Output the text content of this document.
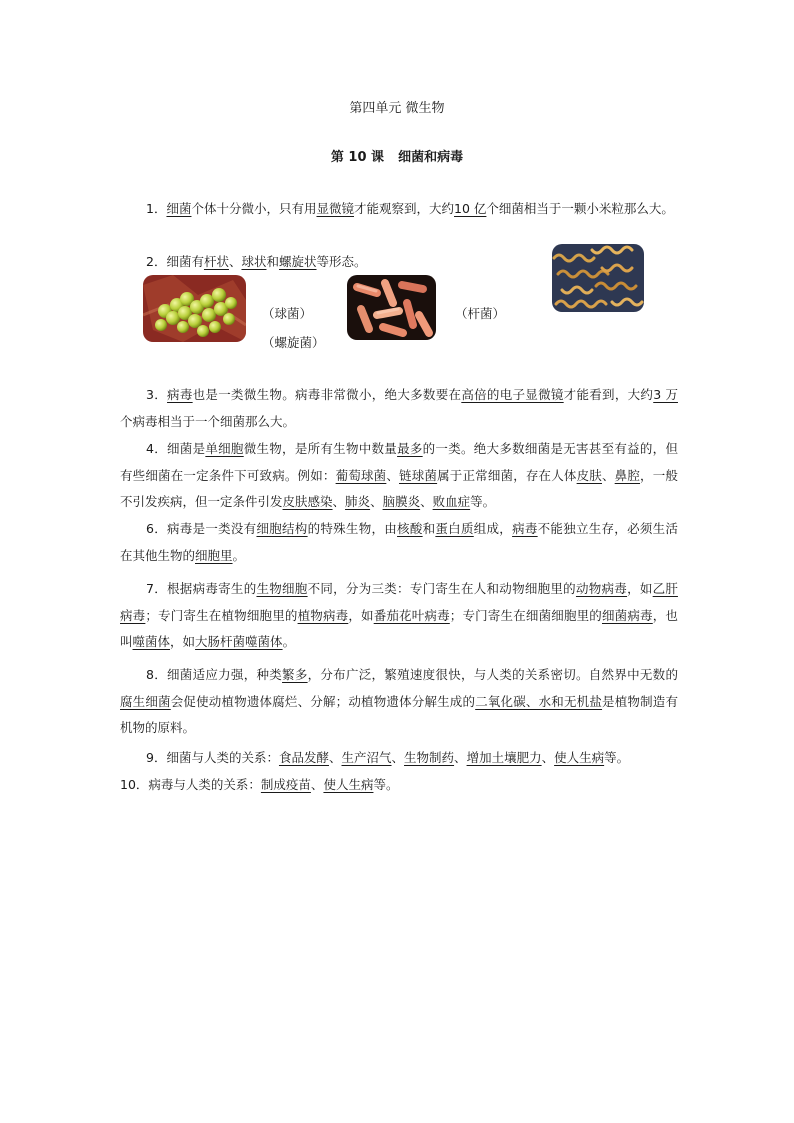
第四单元 微生物
第 10 课 细菌和病毒
1．细菌个体十分微小，只有用显微镜才能观察到，大约10 亿个细菌相当于一颗小米粒那么大。
2．细菌有杆状、球状和螺旋状等形态。
（球菌）
（螺旋菌）
（杆菌）
3．病毒也是一类微生物。病毒非常微小，绝大多数要在高倍的电子显微镜才能看到，大约3 万个病毒相当于一个细菌那么大。
4．细菌是单细胞微生物，是所有生物中数量最多的一类。绝大多数细菌是无害甚至有益的，但有些细菌在一定条件下可致病。例如：葡萄球菌、链球菌属于正常细菌，存在人体皮肤、鼻腔，一般不引发疾病，但一定条件引发皮肤感染、肺炎、脑膜炎、败血症等。
6．病毒是一类没有细胞结构的特殊生物，由核酸和蛋白质组成，病毒不能独立生存，必须生活在其他生物的细胞里。
7．根据病毒寄生的生物细胞不同，分为三类：专门寄生在人和动物细胞里的动物病毒，如乙肝病毒；专门寄生在植物细胞里的植物病毒，如番茄花叶病毒；专门寄生在细菌细胞里的细菌病毒，也叫噬菌体，如大肠杆菌噬菌体。
8．细菌适应力强，种类繁多，分布广泛，繁殖速度很快，与人类的关系密切。自然界中无数的腐生细菌会促使动植物遗体腐烂、分解；动植物遗体分解生成的二氧化碳、水和无机盐是植物制造有机物的原料。
9．细菌与人类的关系：食品发酵、生产沼气、生物制药、增加土壤肥力、使人生病等。
10．病毒与人类的关系：制成疫苗、使人生病等。
